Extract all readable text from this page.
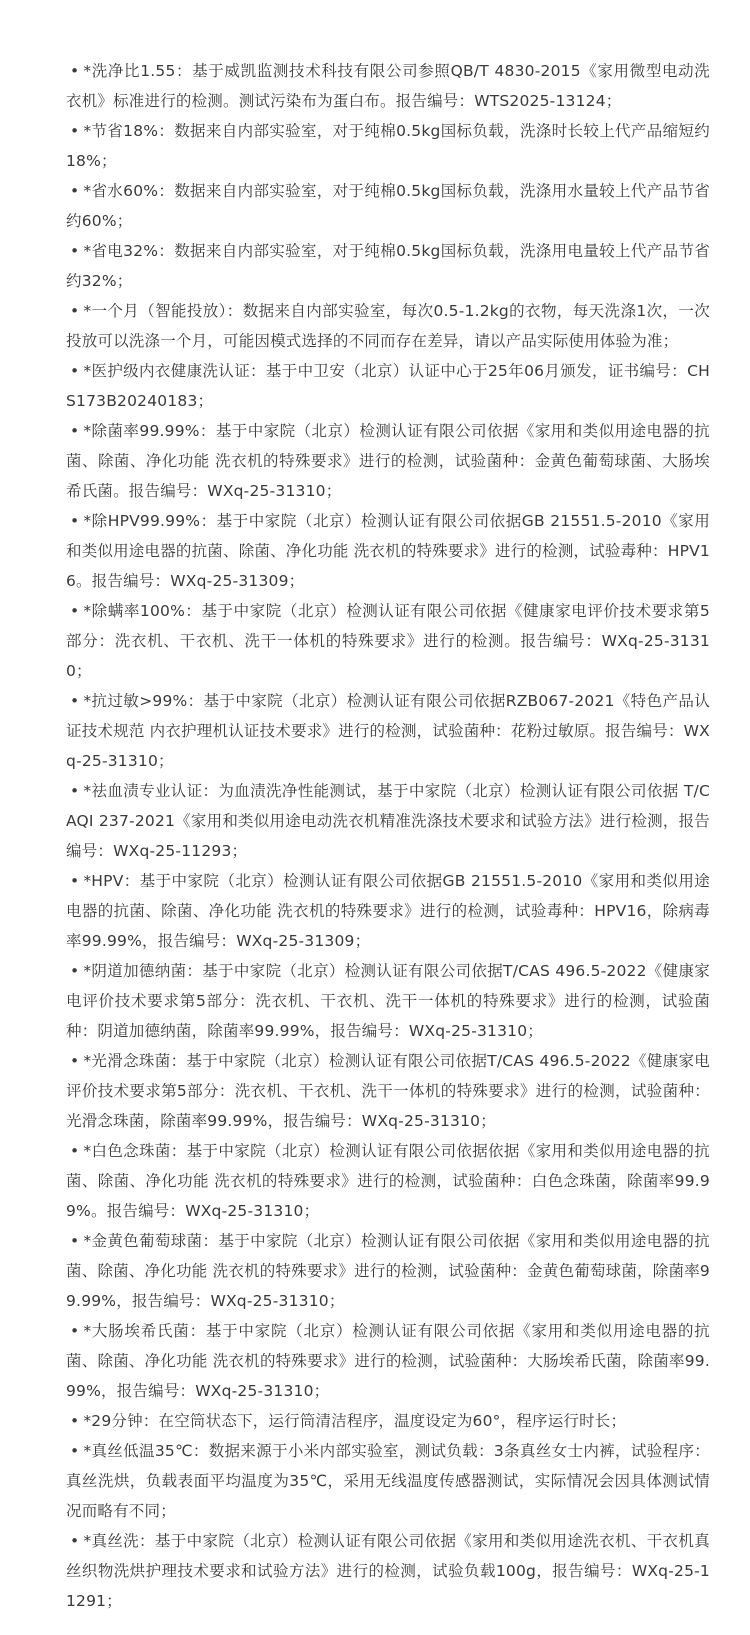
• *洗净比1.55：基于威凯监测技术科技有限公司参照QB/T 4830-2015《家用微型电动洗衣机》标准进行的检测。测试污染布为蛋白布。报告编号：WTS2025-13124；

• *节省18%：数据来自内部实验室，对于纯棉0.5kg国标负载，洗涤时长较上代产品缩短约18%；

• *省水60%：数据来自内部实验室，对于纯棉0.5kg国标负载，洗涤用水量较上代产品节省约60%；

• *省电32%：数据来自内部实验室，对于纯棉0.5kg国标负载，洗涤用电量较上代产品节省约32%；

• *一个月（智能投放）：数据来自内部实验室，每次0.5-1.2kg的衣物，每天洗涤1次，一次投放可以洗涤一个月，可能因模式选择的不同而存在差异，请以产品实际使用体验为准；

• *医护级内衣健康洗认证：基于中卫安（北京）认证中心于25年06月颁发，证书编号：CHS173B20240183；

• *除菌率99.99%：基于中家院（北京）检测认证有限公司依据《家用和类似用途电器的抗菌、除菌、净化功能 洗衣机的特殊要求》进行的检测，试验菌种：金黄色葡萄球菌、大肠埃希氏菌。报告编号：WXq-25-31310；

• *除HPV99.99%：基于中家院（北京）检测认证有限公司依据GB 21551.5-2010《家用和类似用途电器的抗菌、除菌、净化功能 洗衣机的特殊要求》进行的检测，试验毒种：HPV16。报告编号：WXq-25-31309；

• *除螨率100%：基于中家院（北京）检测认证有限公司依据《健康家电评价技术要求第5部分：洗衣机、干衣机、洗干一体机的特殊要求》进行的检测。报告编号：WXq-25-31310；

• *抗过敏>99%：基于中家院（北京）检测认证有限公司依据RZB067-2021《特色产品认证技术规范 内衣护理机认证技术要求》进行的检测，试验菌种：花粉过敏原。报告编号：WXq-25-31310；

• *祛血渍专业认证：为血渍洗净性能测试，基于中家院（北京）检测认证有限公司依据 T/CAQI 237-2021《家用和类似用途电动洗衣机精准洗涤技术要求和试验方法》进行检测，报告编号：WXq-25-11293；

• *HPV：基于中家院（北京）检测认证有限公司依据GB 21551.5-2010《家用和类似用途电器的抗菌、除菌、净化功能 洗衣机的特殊要求》进行的检测，试验毒种：HPV16，除病毒率99.99%，报告编号：WXq-25-31309；

• *阴道加德纳菌：基于中家院（北京）检测认证有限公司依据T/CAS 496.5-2022《健康家电评价技术要求第5部分：洗衣机、干衣机、洗干一体机的特殊要求》进行的检测，试验菌种：阴道加德纳菌，除菌率99.99%，报告编号：WXq-25-31310；

• *光滑念珠菌：基于中家院（北京）检测认证有限公司依据T/CAS 496.5-2022《健康家电评价技术要求第5部分：洗衣机、干衣机、洗干一体机的特殊要求》进行的检测，试验菌种：光滑念珠菌，除菌率99.99%，报告编号：WXq-25-31310；

• *白色念珠菌：基于中家院（北京）检测认证有限公司依据依据《家用和类似用途电器的抗菌、除菌、净化功能 洗衣机的特殊要求》进行的检测，试验菌种：白色念珠菌，除菌率99.99%。报告编号：WXq-25-31310；

• *金黄色葡萄球菌：基于中家院（北京）检测认证有限公司依据《家用和类似用途电器的抗菌、除菌、净化功能 洗衣机的特殊要求》进行的检测，试验菌种：金黄色葡萄球菌，除菌率99.99%，报告编号：WXq-25-31310；

• *大肠埃希氏菌：基于中家院（北京）检测认证有限公司依据《家用和类似用途电器的抗菌、除菌、净化功能 洗衣机的特殊要求》进行的检测，试验菌种：大肠埃希氏菌，除菌率99.99%，报告编号：WXq-25-31310；

• *29分钟：在空筒状态下，运行筒清洁程序，温度设定为60°，程序运行时长；

• *真丝低温35℃：数据来源于小米内部实验室，测试负载：3条真丝女士内裤，试验程序：真丝洗烘，负载表面平均温度为35℃，采用无线温度传感器测试，实际情况会因具体测试情况而略有不同；

• *真丝洗：基于中家院（北京）检测认证有限公司依据《家用和类似用途洗衣机、干衣机真丝织物洗烘护理技术要求和试验方法》进行的检测，试验负载100g，报告编号：WXq-25-11291；
